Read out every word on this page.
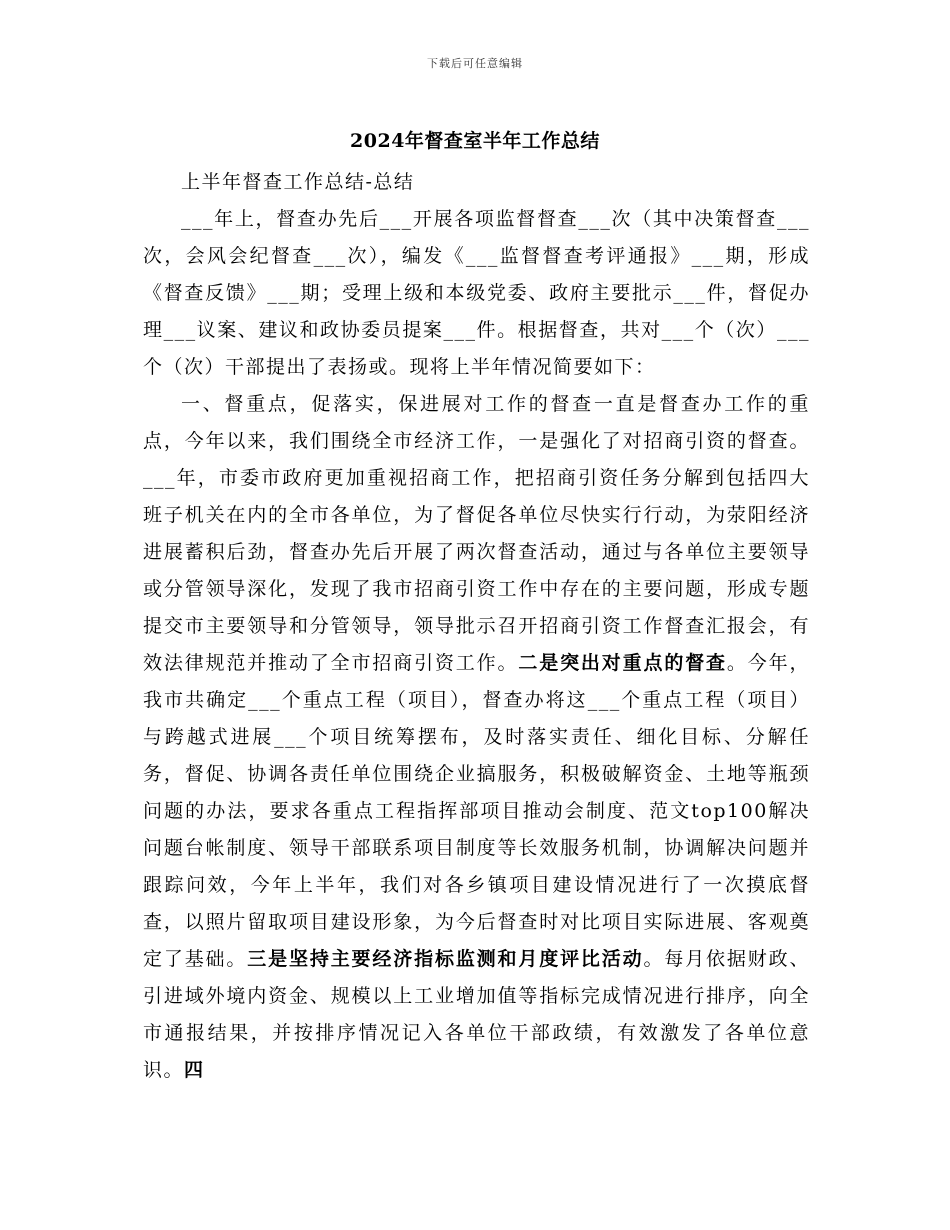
下载后可任意编辑
2024年督查室半年工作总结

上半年督查工作总结-总结

___年上，督查办先后___开展各项监督督查___次（其中决策督查___次，会风会纪督查___次），编发《___监督督查考评通报》___期，形成《督查反馈》___期；受理上级和本级党委、政府主要批示___件，督促办理___议案、建议和政协委员提案___件。根据督查，共对___个（次）___个（次）干部提出了表扬或。现将上半年情况简要如下：

一、督重点，促落实，保进展对工作的督查一直是督查办工作的重点，今年以来，我们围绕全市经济工作，一是强化了对招商引资的督查。___年，市委市政府更加重视招商工作，把招商引资任务分解到包括四大班子机关在内的全市各单位，为了督促各单位尽快实行行动，为荥阳经济进展蓄积后劲，督查办先后开展了两次督查活动，通过与各单位主要领导或分管领导深化，发现了我市招商引资工作中存在的主要问题，形成专题提交市主要领导和分管领导，领导批示召开招商引资工作督查汇报会，有效法律规范并推动了全市招商引资工作。二是突出对重点的督查。今年，我市共确定___个重点工程（项目），督查办将这___个重点工程（项目）与跨越式进展___个项目统筹摆布，及时落实责任、细化目标、分解任务，督促、协调各责任单位围绕企业搞服务，积极破解资金、土地等瓶颈问题的办法，要求各重点工程指挥部项目推动会制度、范文top100解决问题台帐制度、领导干部联系项目制度等长效服务机制，协调解决问题并跟踪问效，今年上半年，我们对各乡镇项目建设情况进行了一次摸底督查，以照片留取项目建设形象，为今后督查时对比项目实际进展、客观奠定了基础。三是坚持主要经济指标监测和月度评比活动。每月依据财政、引进域外境内资金、规模以上工业增加值等指标完成情况进行排序，向全市通报结果，并按排序情况记入各单位干部政绩，有效激发了各单位意识。四
